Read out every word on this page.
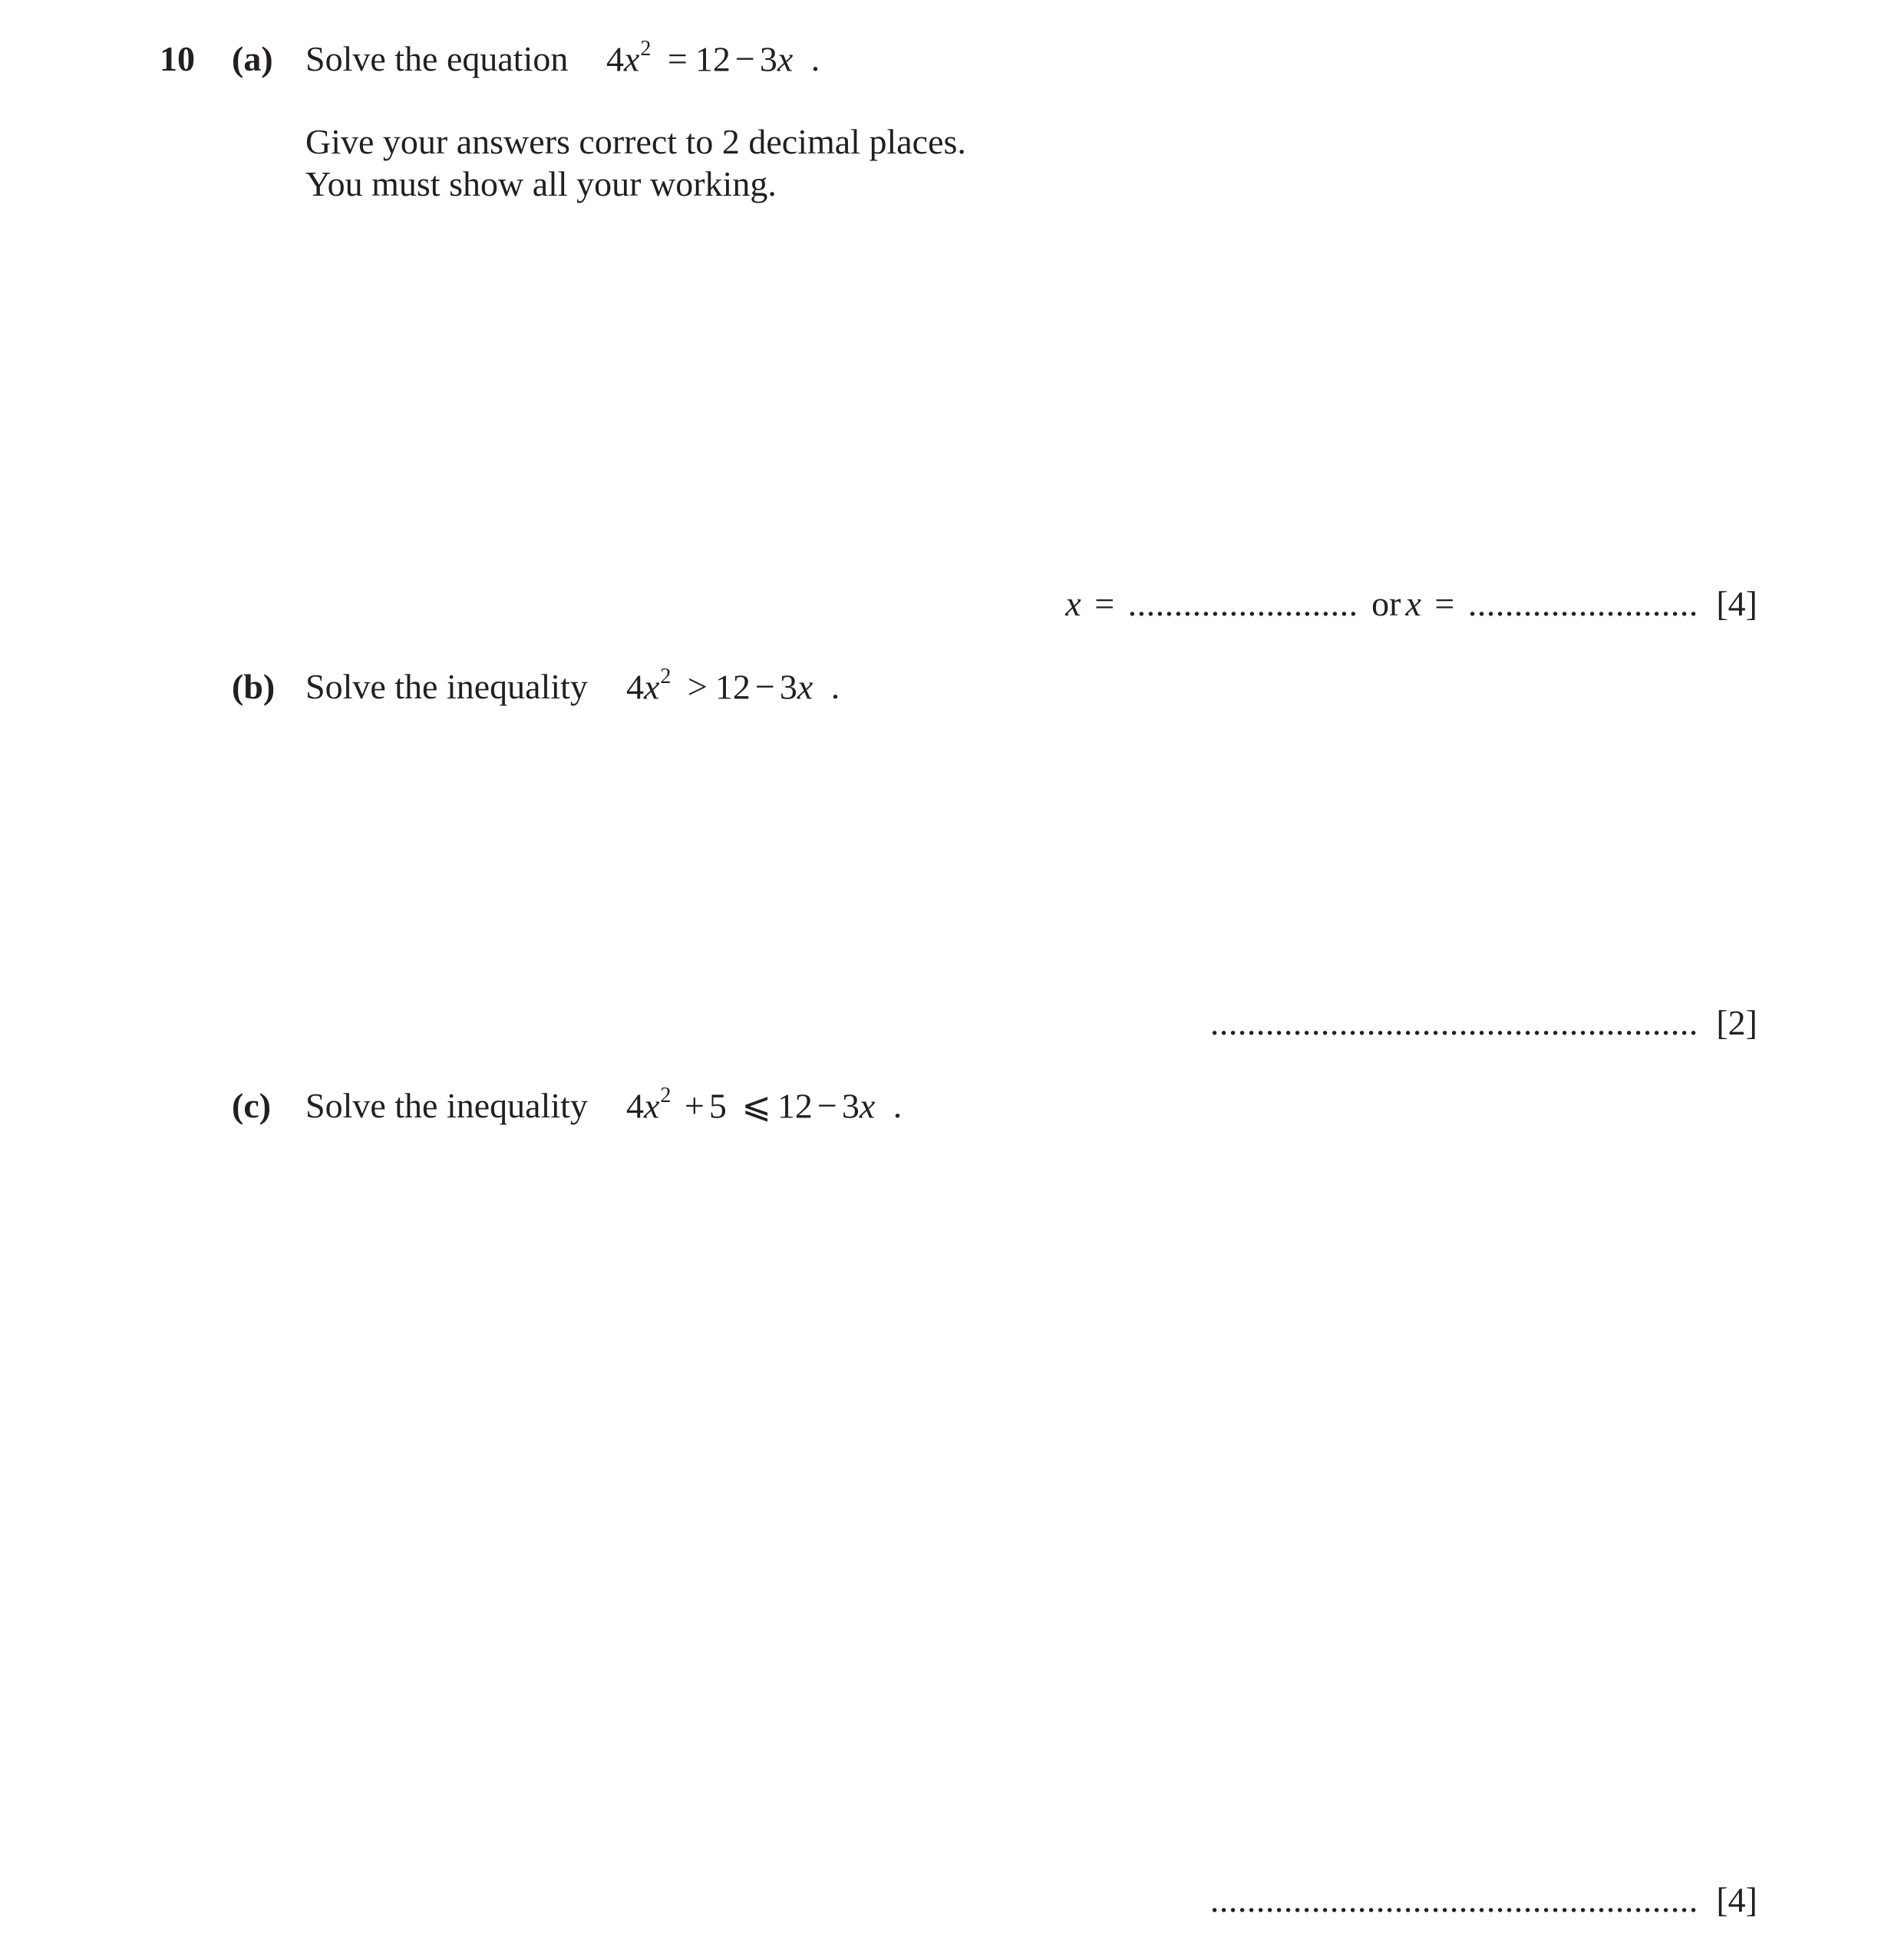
10 (a) Solve the equation $4x^2 = 12 - 3x$ .
Give your answers correct to 2 decimal places.
You must show all your working.
x = ......................... or x = ......................... [4]
(b) Solve the inequality $4x^2 > 12 - 3x$ .
..................................................... [2]
(c) Solve the inequality $4x^2 + 5$ ⩽ 12 − 3x .
..................................................... [4]
